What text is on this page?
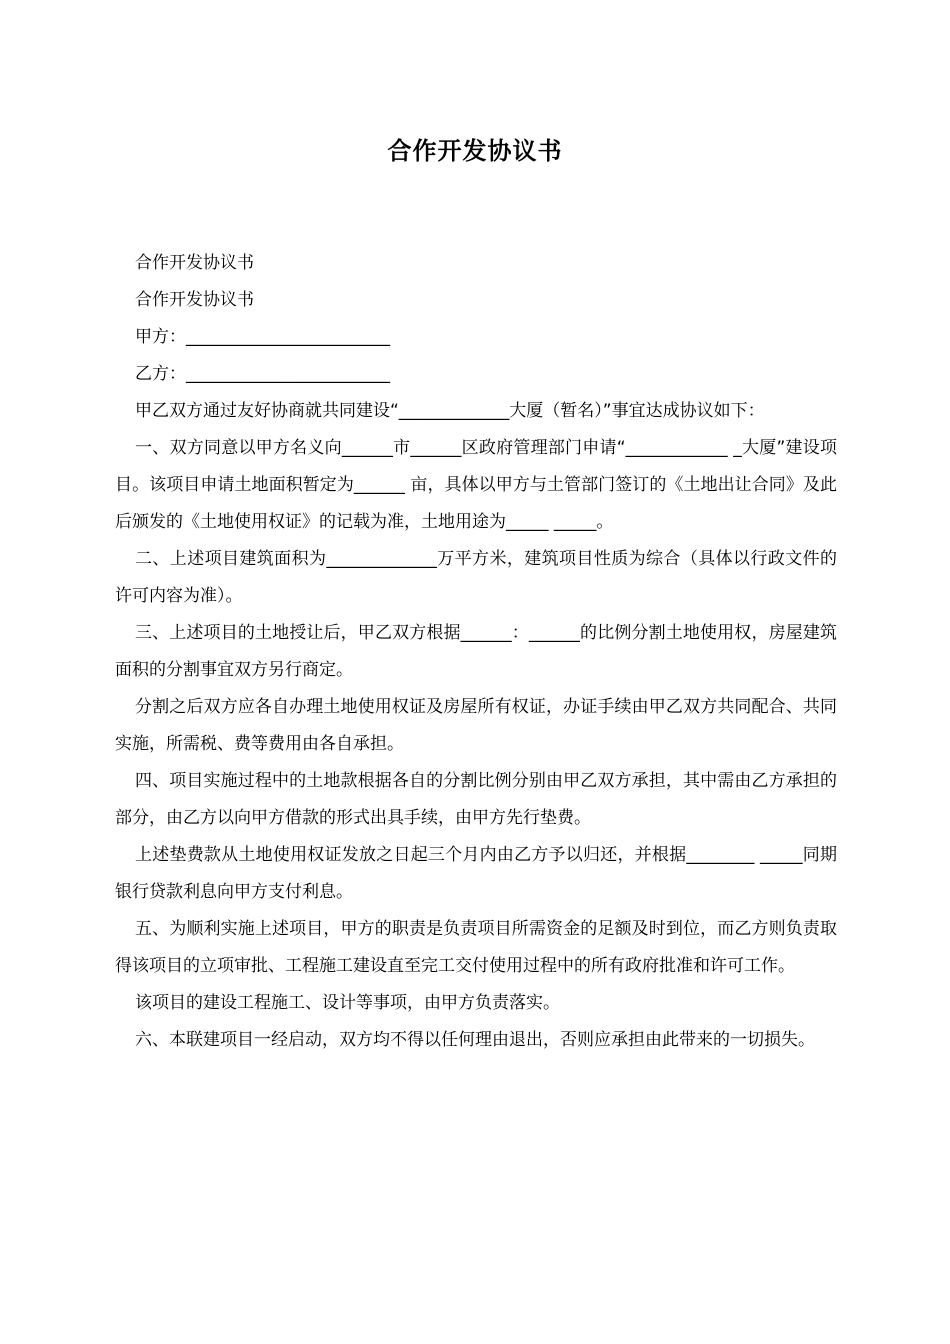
合作开发协议书

合作开发协议书

合作开发协议书

甲方：________________________

乙方：________________________

甲乙双方通过友好协商就共同建设“_____________大厦（暂名）”事宜达成协议如下：

一、双方同意以甲方名义向______市______区政府管理部门申请“____________ _大厦”建设项目。该项目申请土地面积暂定为______ 亩，具体以甲方与土管部门签订的《土地出让合同》及此后颁发的《土地使用权证》的记载为准，土地用途为_____ _____。

二、上述项目建筑面积为_____________万平方米，建筑项目性质为综合（具体以行政文件的许可内容为准）。

三、上述项目的土地授让后，甲乙双方根据______：______的比例分割土地使用权，房屋建筑面积的分割事宜双方另行商定。

分割之后双方应各自办理土地使用权证及房屋所有权证，办证手续由甲乙双方共同配合、共同实施，所需税、费等费用由各自承担。

四、项目实施过程中的土地款根据各自的分割比例分别由甲乙双方承担，其中需由乙方承担的部分，由乙方以向甲方借款的形式出具手续，由甲方先行垫费。

上述垫费款从土地使用权证发放之日起三个月内由乙方予以归还，并根据________ _____同期银行贷款利息向甲方支付利息。

五、为顺利实施上述项目，甲方的职责是负责项目所需资金的足额及时到位，而乙方则负责取得该项目的立项审批、工程施工建设直至完工交付使用过程中的所有政府批准和许可工作。

该项目的建设工程施工、设计等事项，由甲方负责落实。

六、本联建项目一经启动，双方均不得以任何理由退出，否则应承担由此带来的一切损失。
